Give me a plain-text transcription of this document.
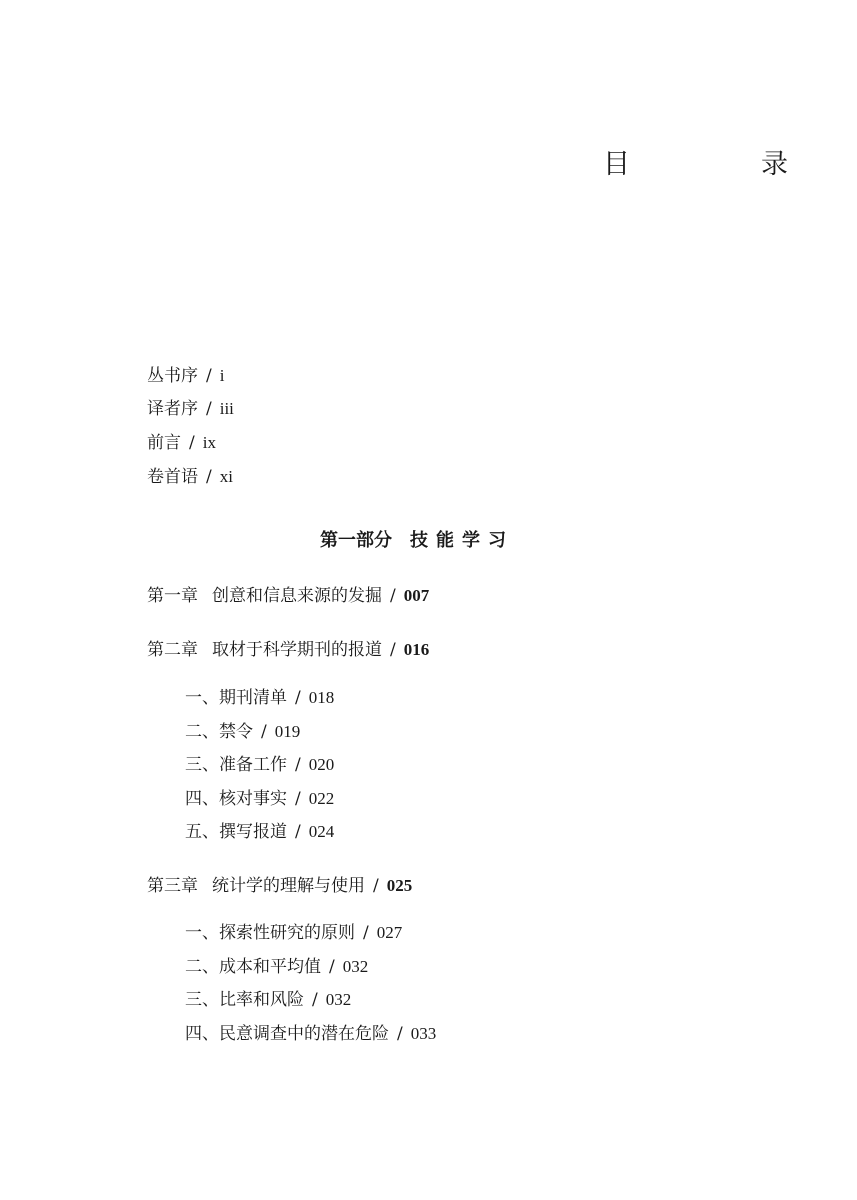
目　录
丛书序 / i
译者序 / iii
前言 / ix
卷首语 / xi
第一部分 技能学习
第一章 创意和信息来源的发掘 / 007
第二章 取材于科学期刊的报道 / 016
一、期刊清单 / 018
二、禁令 / 019
三、准备工作 / 020
四、核对事实 / 022
五、撰写报道 / 024
第三章 统计学的理解与使用 / 025
一、探索性研究的原则 / 027
二、成本和平均值 / 032
三、比率和风险 / 032
四、民意调查中的潜在危险 / 033
